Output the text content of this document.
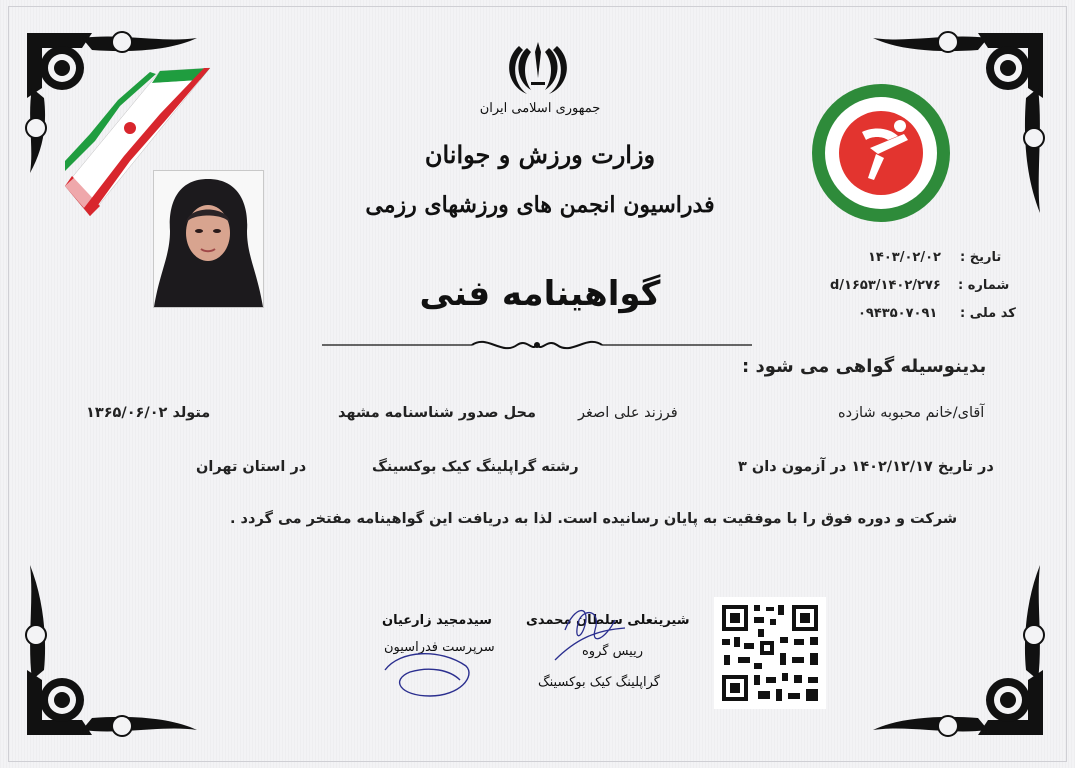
جمهوری اسلامی ایران
وزارت ورزش و جوانان
فدراسیون انجمن های ورزشهای رزمی
گواهینامه فنی
تاریخ :
۱۴۰۳/۰۲/۰۲
شماره :
۱۴۰۲/۲۷۶/d/۱۶۵۳
کد ملی :
۰۹۴۳۵۰۷۰۹۱
بدینوسیله گواهی می شود :
آقای/خانم محبوبه شازده
فرزند علی اصغر
محل صدور شناسنامه مشهد
متولد ۱۳۶۵/۰۶/۰۲
در تاریخ ۱۴۰۲/۱۲/۱۷ در آزمون دان ۳
رشته گراپلینگ کیک بوکسینگ
در استان تهران
شرکت و دوره فوق را با موفقیت به پایان رسانیده است. لذا به دریافت این گواهینامه مفتخر می گردد .
سیدمجید زارعیان
سرپرست فدراسیون
شیرینعلی سلطان محمدی
رییس گروه
گراپلینگ کیک بوکسینگ
